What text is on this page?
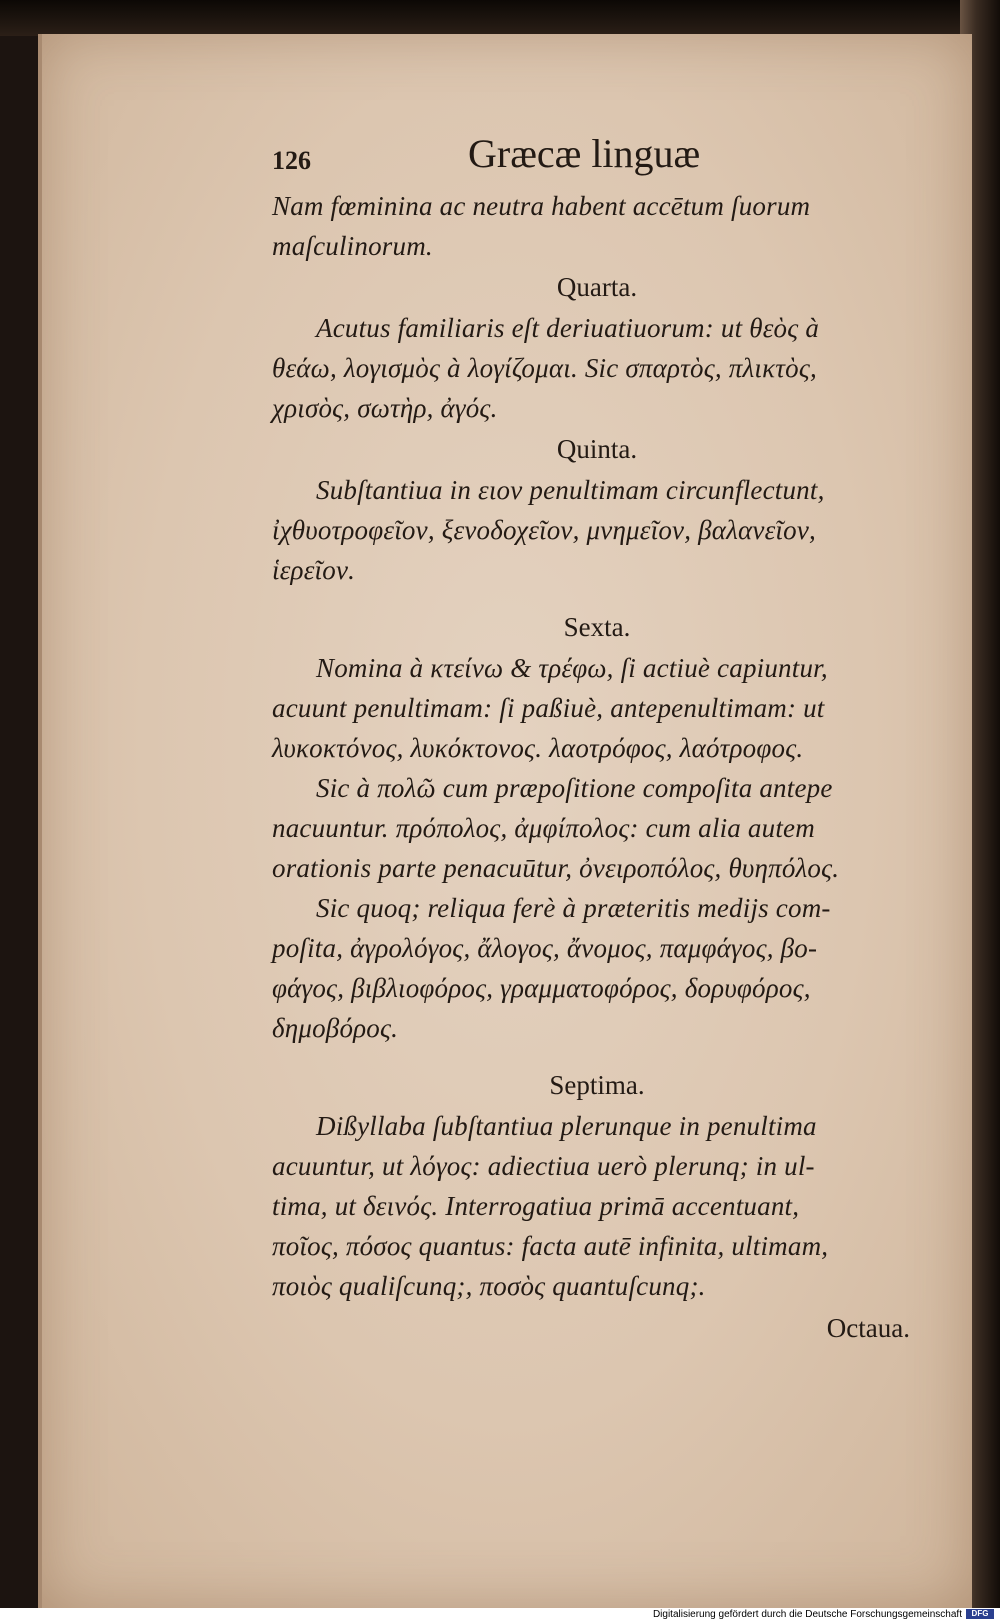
126	Græcæ linguæ
Nam fœminina ac neutra habent accētum ſuorum
maſculinorum.
Quarta.
Acutus familiaris eſt deriuatiuorum: ut θεὸς à
θεάω, λογισμὸς à λογίζομαι. Sic σπαρτὸς, πλικτὸς,
χρισὸς, σωτὴρ, ἀγός.
Quinta.
Subſtantiua in ειον penultimam circunflectunt,
ἰχθυοτροφεῖον, ξενοδοχεῖον, μνημεῖον, βαλανεῖον,
ἱερεῖον.
Sexta.
Nomina à κτείνω & τρέφω, ſi actiuè capiuntur,
acuunt penultimam: ſi paßiuè, antepenultimam: ut
λυκοκτόνος, λυκόκτονος. λαοτρόφος, λαότροφος.
Sic à πολῶ cum præpoſitione compoſita antepe
nacuuntur. πρόπολος, ἀμφίπολος: cum alia autem
orationis parte penacuūtur, ὀνειροπόλος, θυηπόλος.
Sic quoq; reliqua ferè à præteritis medijs com-
poſita, ἀγρολόγος, ἄλογος, ἄνομος, παμφάγος, βο-
φάγος, βιβλιοφόρος, γραμματοφόρος, δορυφόρος,
δημοβόρος.
Septima.
Dißyllaba ſubſtantiua plerunque in penultima
acuuntur, ut λόγος: adiectiua uerò plerunq; in ul-
tima, ut δεινός. Interrogatiua primā accentuant,
ποῖος, πόσος quantus: facta autē infinita, ultimam,
ποιὸς qualiſcunq;, ποσὸς quantuſcunq;.
Octaua.
Digitalisierung gefördert durch die Deutsche Forschungsgemeinschaft	DFG
